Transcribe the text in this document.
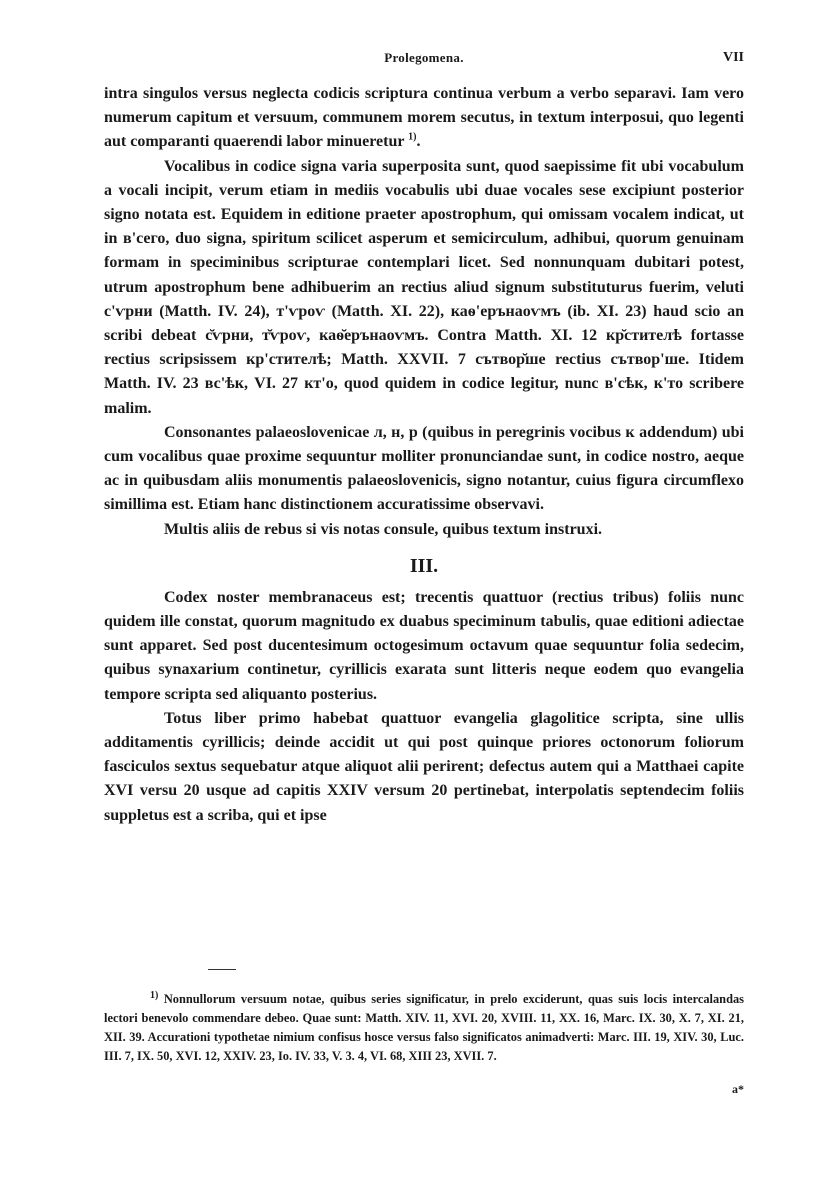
Prolegomena.	VII

intra singulos versus neglecta codicis scriptura continua verbum a verbo separavi. Iam vero numerum capitum et versuum, communem morem secutus, in textum interposui, quo legenti aut comparanti quaerendi labor minueretur $^{1)}$.

Vocalibus in codice signa varia superposita sunt, quod saepissime fit ubi vocabulum a vocali incipit, verum etiam in mediis vocabulis ubi duae vocales sese excipiunt posterior signo notata est. Equidem in editione praeter apostrophum, qui omissam vocalem indicat, ut in в'сего, duo signa, spiritum scilicet asperum et semicirculum, adhibui, quorum genuinam formam in speciminibus scripturae contemplari licet. Sed nonnunquam dubitari potest, utrum apostrophum bene adhibuerim an rectius aliud signum substituturus fuerim, veluti с'ѵрни (Matth. IV. 24), т'ѵроѵ (Matth. XI. 22), каѳ'ерънаоѵмъ (ib. XI. 23) haud scio an scribi debeat с̆ѵрни, т̆ѵроѵ, каѳ̆ерънаоѵмъ. Contra Matth. XI. 12 кр̆стителѣ fortasse rectius scripsissem кр'стителѣ; Matth. XXVII. 7 сътвор̆ше rectius сътвор'ше. Itidem Matth. IV. 23 вс'ѣк, VI. 27 кт'о, quod quidem in codice legitur, nunc в'сѣк, к'то scribere malim.

Consonantes palaeoslovenicae л, н, р (quibus in peregrinis vocibus к addendum) ubi cum vocalibus quae proxime sequuntur molliter pronunciandae sunt, in codice nostro, aeque ac in quibusdam aliis monumentis palaeoslovenicis, signo notantur, cuius figura circumflexo simillima est. Etiam hanc distinctionem accuratissime observavi.

Multis aliis de rebus si vis notas consule, quibus textum instruxi.

III.

Codex noster membranaceus est; trecentis quattuor (rectius tribus) foliis nunc quidem ille constat, quorum magnitudo ex duabus speciminum tabulis, quae editioni adiectae sunt apparet. Sed post ducentesimum octogesimum octavum quae sequuntur folia sedecim, quibus synaxarium continetur, cyrillicis exarata sunt litteris neque eodem quo evangelia tempore scripta sed aliquanto posterius.

Totus liber primo habebat quattuor evangelia glagolitice scripta, sine ullis additamentis cyrillicis; deinde accidit ut qui post quinque priores octonorum foliorum fasciculos sextus sequebatur atque aliquot alii perirent; defectus autem qui a Matthaei capite XVI versu 20 usque ad capitis XXIV versum 20 pertinebat, interpolatis septendecim foliis suppletus est a scriba, qui et ipse

$^{1)}$ Nonnullorum versuum notae, quibus series significatur, in prelo exciderunt, quas suis locis intercalandas lectori benevolo commendare debeo. Quae sunt: Matth. XIV. 11, XVI. 20, XVIII. 11, XX. 16, Marc. IX. 30, X. 7, XI. 21, XII. 39. Accurationi typothetae nimium confisus hosce versus falso significatos animadverti: Marc. III. 19, XIV. 30, Luc. III. 7, IX. 50, XVI. 12, XXIV. 23, Io. IV. 33, V. 3. 4, VI. 68, XIII 23, XVII. 7.

a*
